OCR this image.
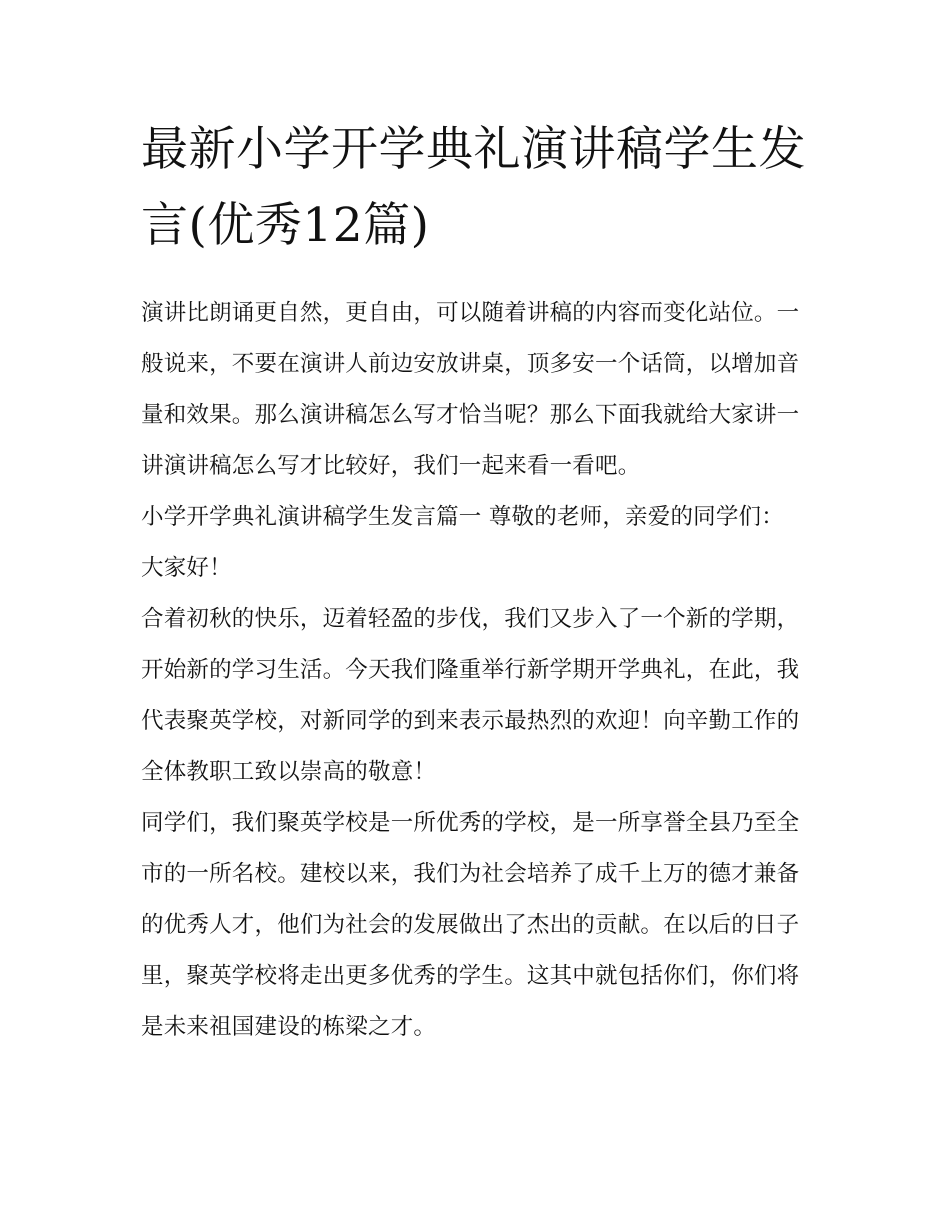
最新小学开学典礼演讲稿学生发言(优秀12篇)

演讲比朗诵更自然，更自由，可以随着讲稿的内容而变化站位。一般说来，不要在演讲人前边安放讲桌，顶多安一个话筒，以增加音量和效果。那么演讲稿怎么写才恰当呢？那么下面我就给大家讲一讲演讲稿怎么写才比较好，我们一起来看一看吧。

小学开学典礼演讲稿学生发言篇一 尊敬的老师，亲爱的同学们： 大家好！

合着初秋的快乐，迈着轻盈的步伐，我们又步入了一个新的学期，开始新的学习生活。今天我们隆重举行新学期开学典礼，在此，我代表聚英学校，对新同学的到来表示最热烈的欢迎！向辛勤工作的全体教职工致以崇高的敬意！

同学们，我们聚英学校是一所优秀的学校，是一所享誉全县乃至全市的一所名校。建校以来，我们为社会培养了成千上万的德才兼备的优秀人才，他们为社会的发展做出了杰出的贡献。在以后的日子里，聚英学校将走出更多优秀的学生。这其中就包括你们，你们将是未来祖国建设的栋梁之才。
